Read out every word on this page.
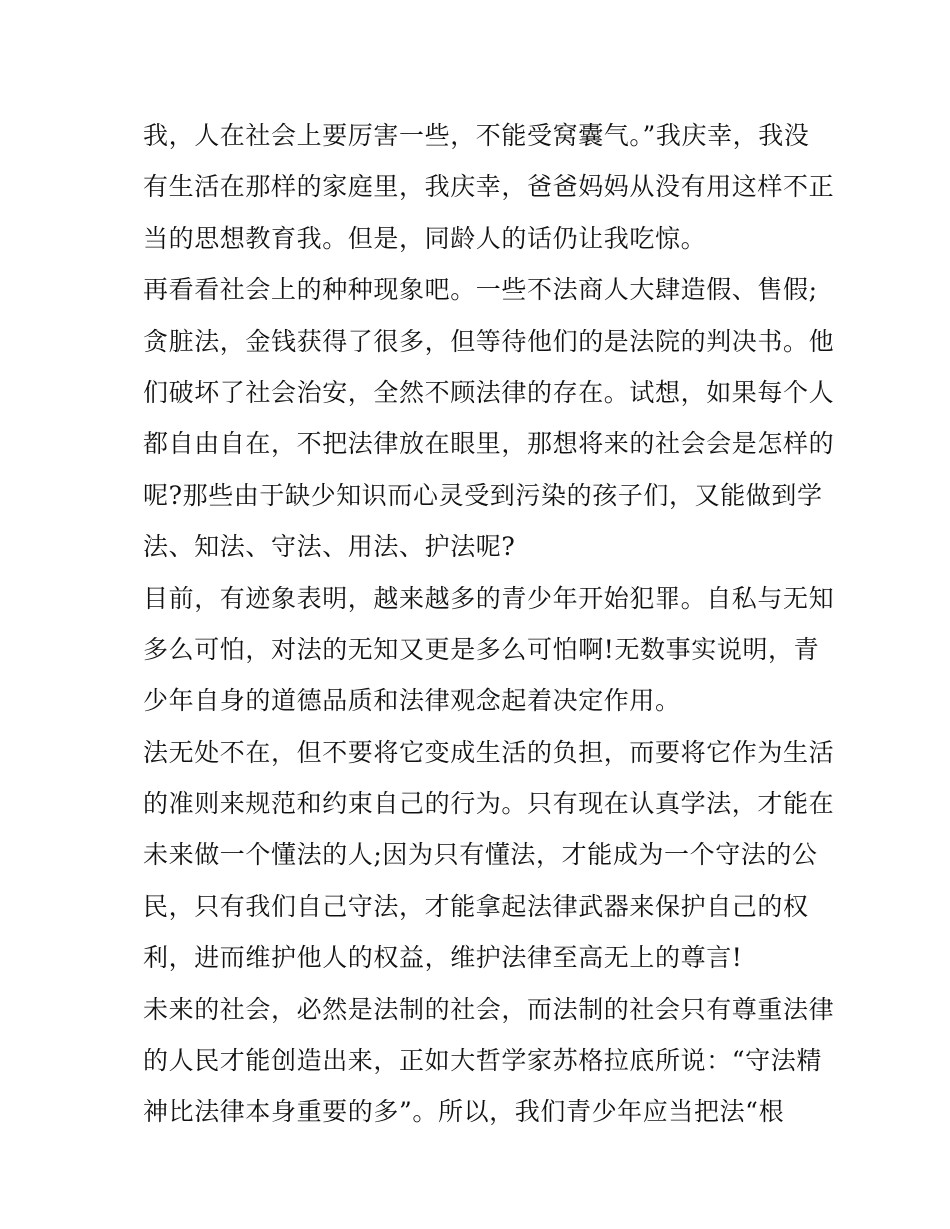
我，人在社会上要厉害一些，不能受窝囊气。”我庆幸，我没
有生活在那样的家庭里，我庆幸，爸爸妈妈从没有用这样不正
当的思想教育我。但是，同龄人的话仍让我吃惊。
再看看社会上的种种现象吧。一些不法商人大肆造假、售假;
贪脏法，金钱获得了很多，但等待他们的是法院的判决书。他
们破坏了社会治安，全然不顾法律的存在。试想，如果每个人
都自由自在，不把法律放在眼里，那想将来的社会会是怎样的
呢?那些由于缺少知识而心灵受到污染的孩子们，又能做到学
法、知法、守法、用法、护法呢?
目前，有迹象表明，越来越多的青少年开始犯罪。自私与无知
多么可怕，对法的无知又更是多么可怕啊!无数事实说明，青
少年自身的道德品质和法律观念起着决定作用。
法无处不在，但不要将它变成生活的负担，而要将它作为生活
的准则来规范和约束自己的行为。只有现在认真学法，才能在
未来做一个懂法的人;因为只有懂法，才能成为一个守法的公
民，只有我们自己守法，才能拿起法律武器来保护自己的权
利，进而维护他人的权益，维护法律至高无上的尊言!
未来的社会，必然是法制的社会，而法制的社会只有尊重法律
的人民才能创造出来，正如大哲学家苏格拉底所说：“守法精
神比法律本身重要的多”。所以，我们青少年应当把法“根
